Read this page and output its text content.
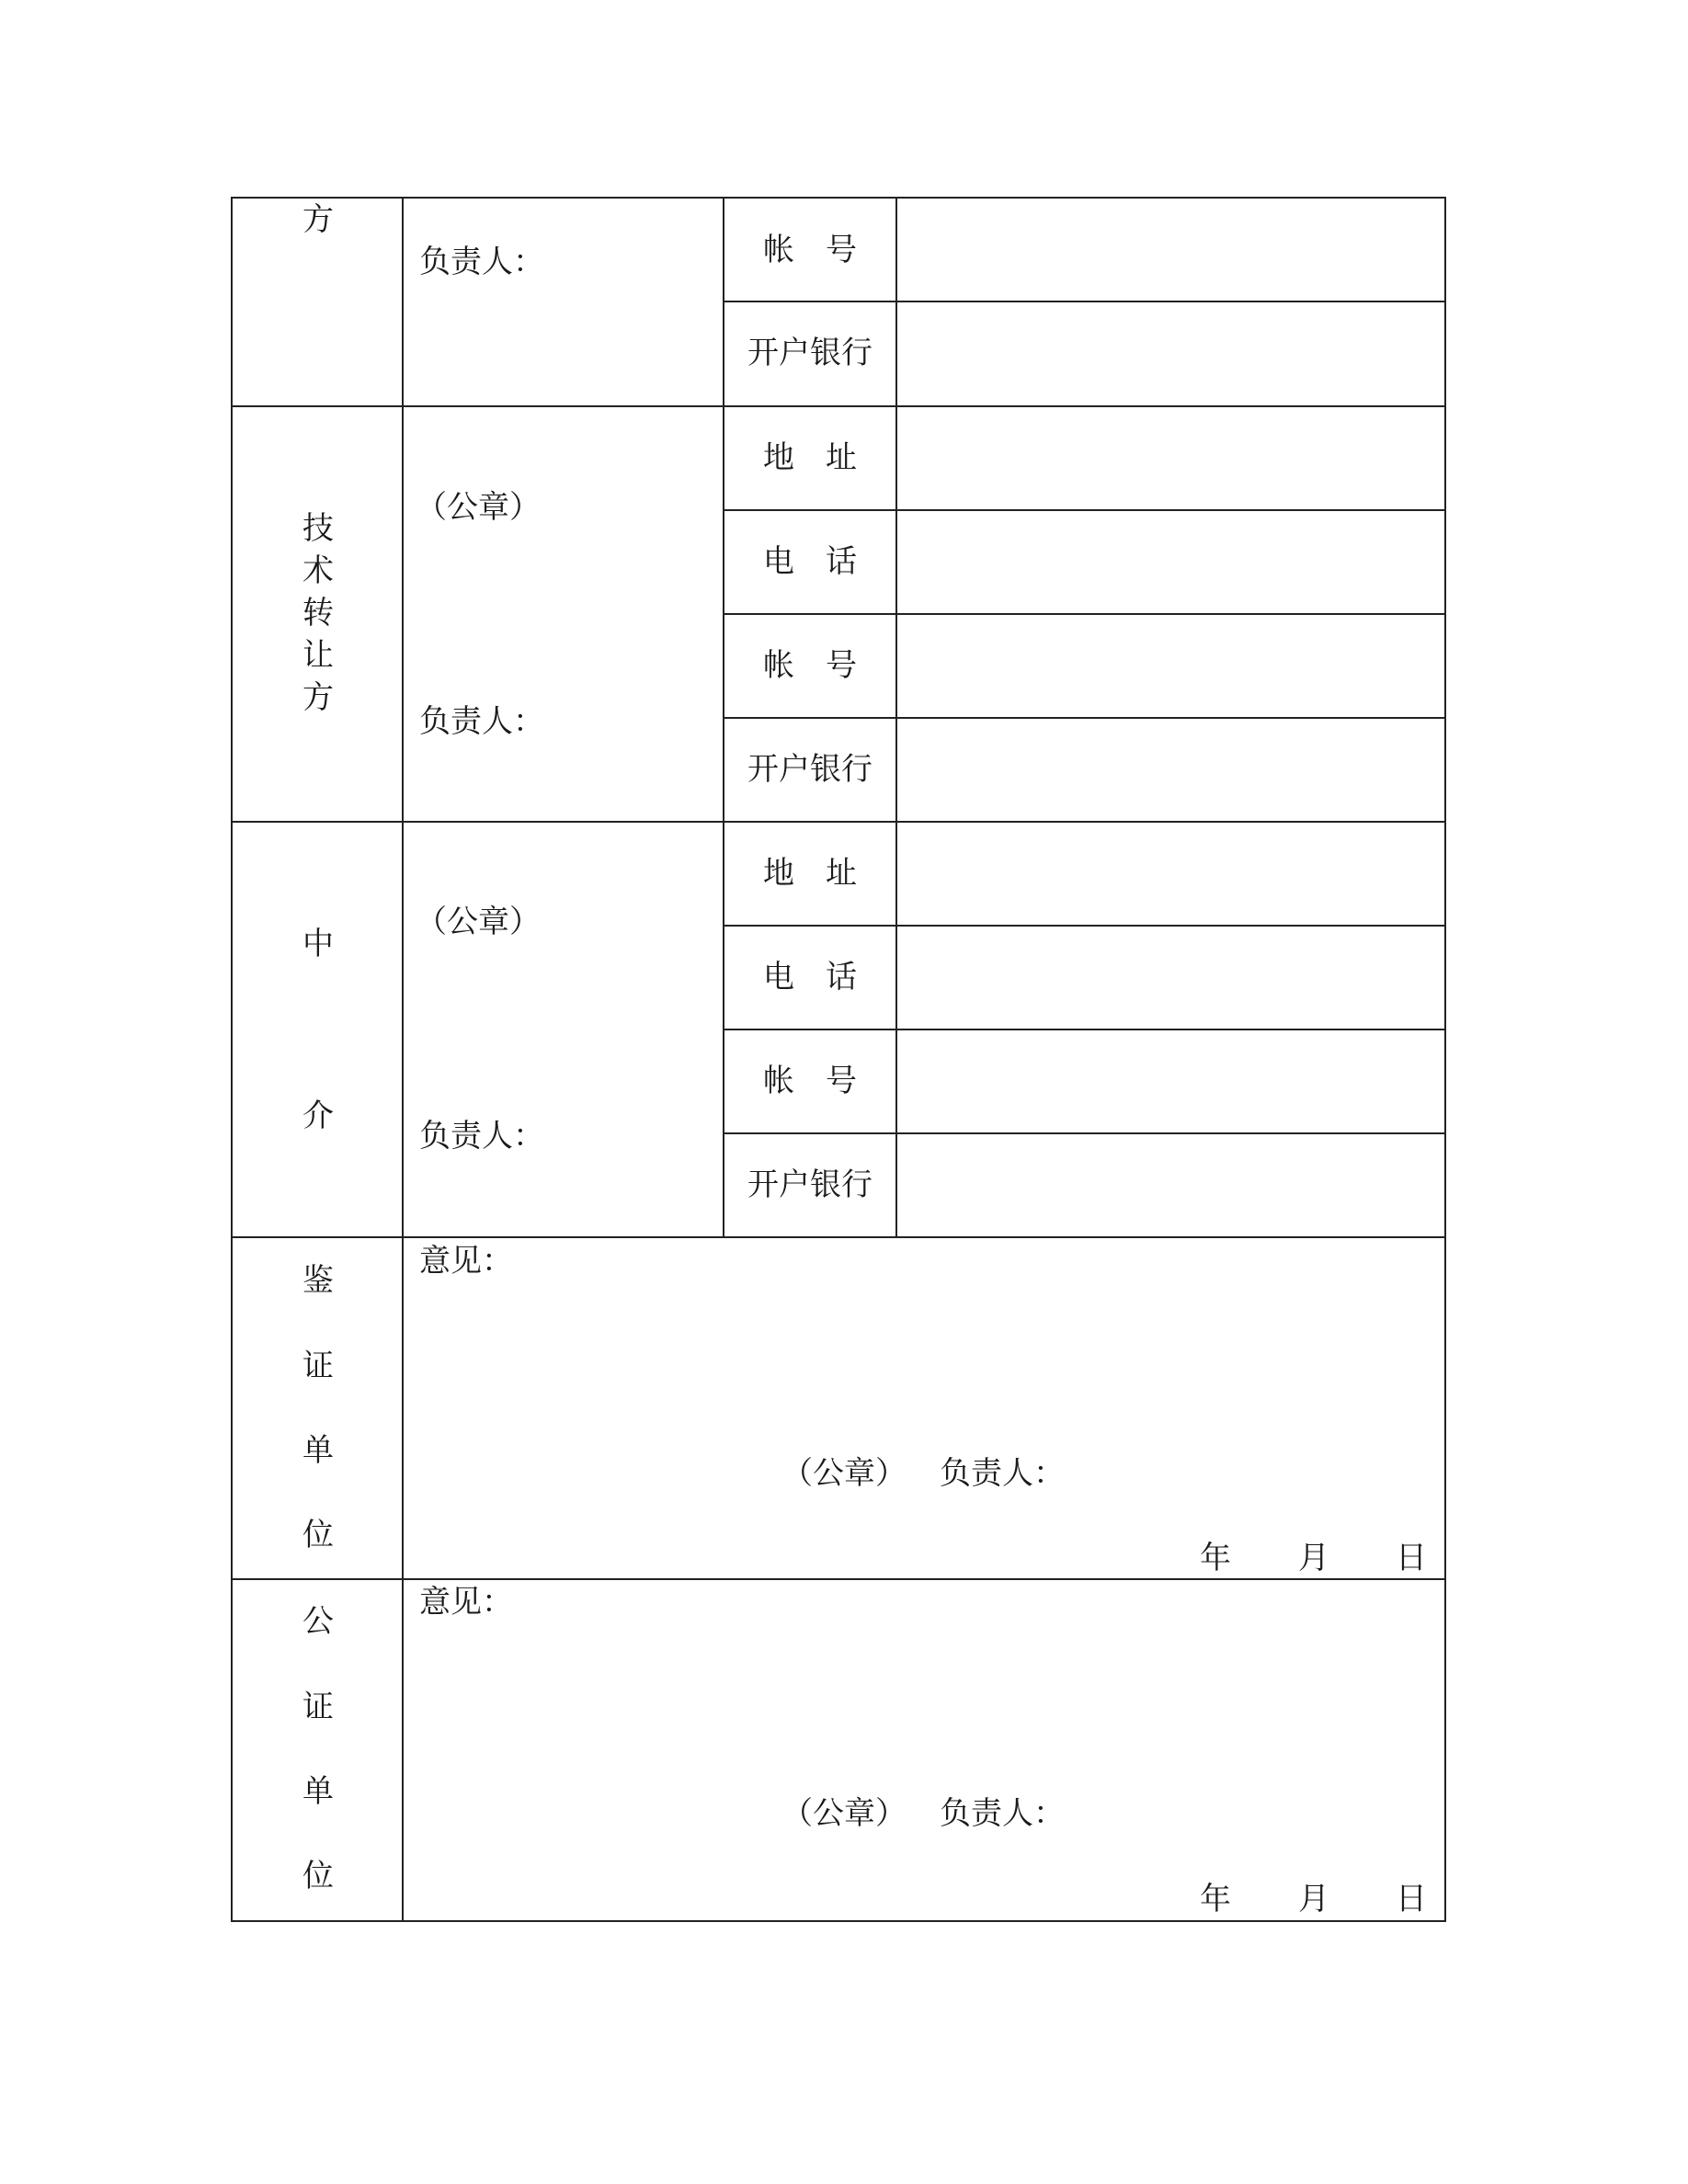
方
负责人：	帐　号
开户银行
技
术
转
让
方
（公章）
负责人：
地　址
电　话
帐　号
开户银行
中
介
（公章）
负责人：
地　址
电　话
帐　号
开户银行
鉴
证
单
位
意见：
（公章） 负责人：
年 月 日
公
证
单
位
意见：
（公章） 负责人：
年 月 日
